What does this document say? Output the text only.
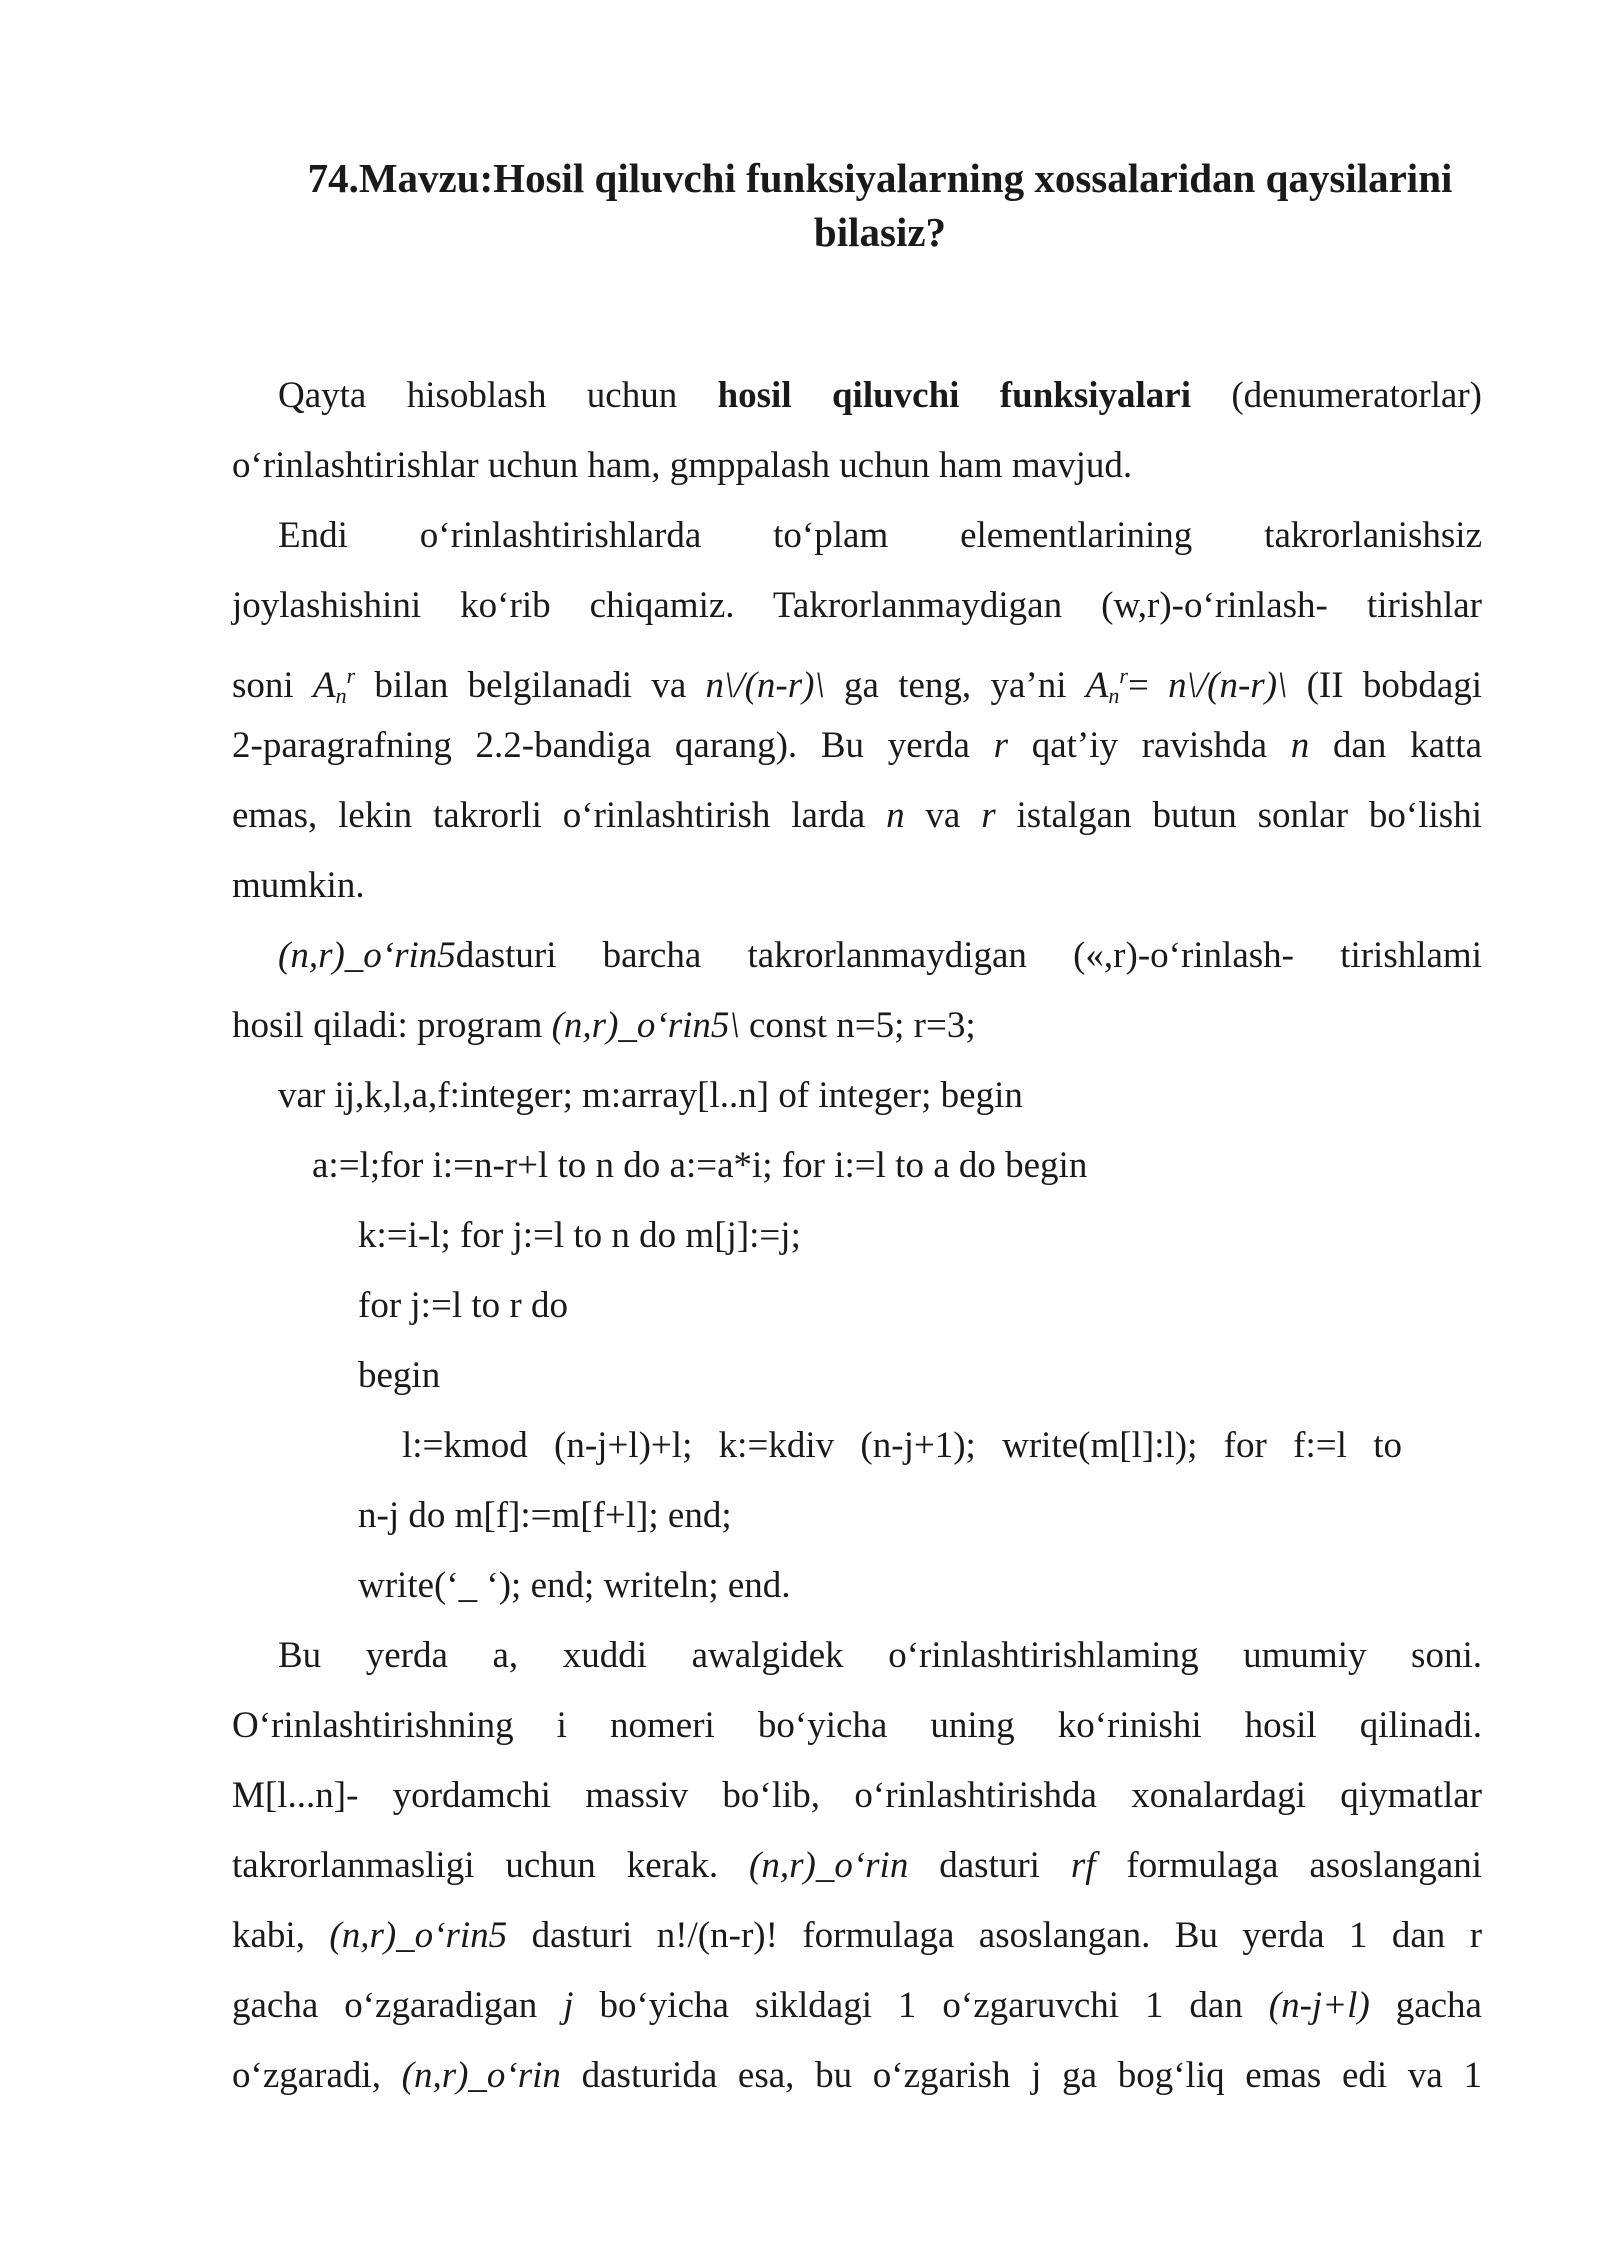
74.Mavzu:Hosil qiluvchi funksiyalarning xossalaridan qaysilarini
bilasiz?

Qayta hisoblash uchun hosil qiluvchi funksiyalari (denumeratorlar)

o‘rinlashtirishlar uchun ham, gmppalash uchun ham mavjud.

Endi o‘rinlashtirishlarda to‘plam elementlarining takrorlanishsiz

joylashishini ko‘rib chiqamiz. Takrorlanmaydigan (w,r)-o‘rinlash- tirishlar

soni $A_n^r$ bilan belgilanadi va n\/(n-r)\ ga teng, ya’ni $A_n^r=$ n\/(n-r)\ (II bobdagi

2-paragrafning 2.2-bandiga qarang). Bu yerda r qat’iy ravishda n dan katta

emas, lekin takrorli o‘rinlashtirish larda n va r istalgan butun sonlar bo‘lishi

mumkin.

(n,r)_o‘rin5dasturi barcha takrorlanmaydigan («,r)-o‘rinlash- tirishlami

hosil qiladi: program (n,r)_o‘rin5\ const n=5; r=3;

var ij,k,l,a,f:integer; m:array[l..n] of integer; begin

a:=l;for i:=n-r+l to n do a:=a*i; for i:=l to a do begin

k:=i-l; for j:=l to n do m[j]:=j;

for j:=l to r do

begin

l:=kmod (n-j+l)+l; k:=kdiv (n-j+1); write(m[l]:l); for f:=l to

n-j do m[f]:=m[f+l]; end;

write(‘_ ‘); end; writeln; end.

Bu yerda a, xuddi awalgidek o‘rinlashtirishlaming umumiy soni.

O‘rinlashtirishning i nomeri bo‘yicha uning ko‘rinishi hosil qilinadi.

M[l...n]- yordamchi massiv bo‘lib, o‘rinlashtirishda xonalardagi qiymatlar

takrorlanmasligi uchun kerak. (n,r)_o‘rin dasturi rf formulaga asoslangani

kabi, (n,r)_o‘rin5 dasturi n!/(n-r)! formulaga asoslangan. Bu yerda 1 dan r

gacha o‘zgaradigan j bo‘yicha sikldagi 1 o‘zgaruvchi 1 dan (n-j+l) gacha

o‘zgaradi, (n,r)_o‘rin dasturida esa, bu o‘zgarish j ga bog‘liq emas edi va 1
